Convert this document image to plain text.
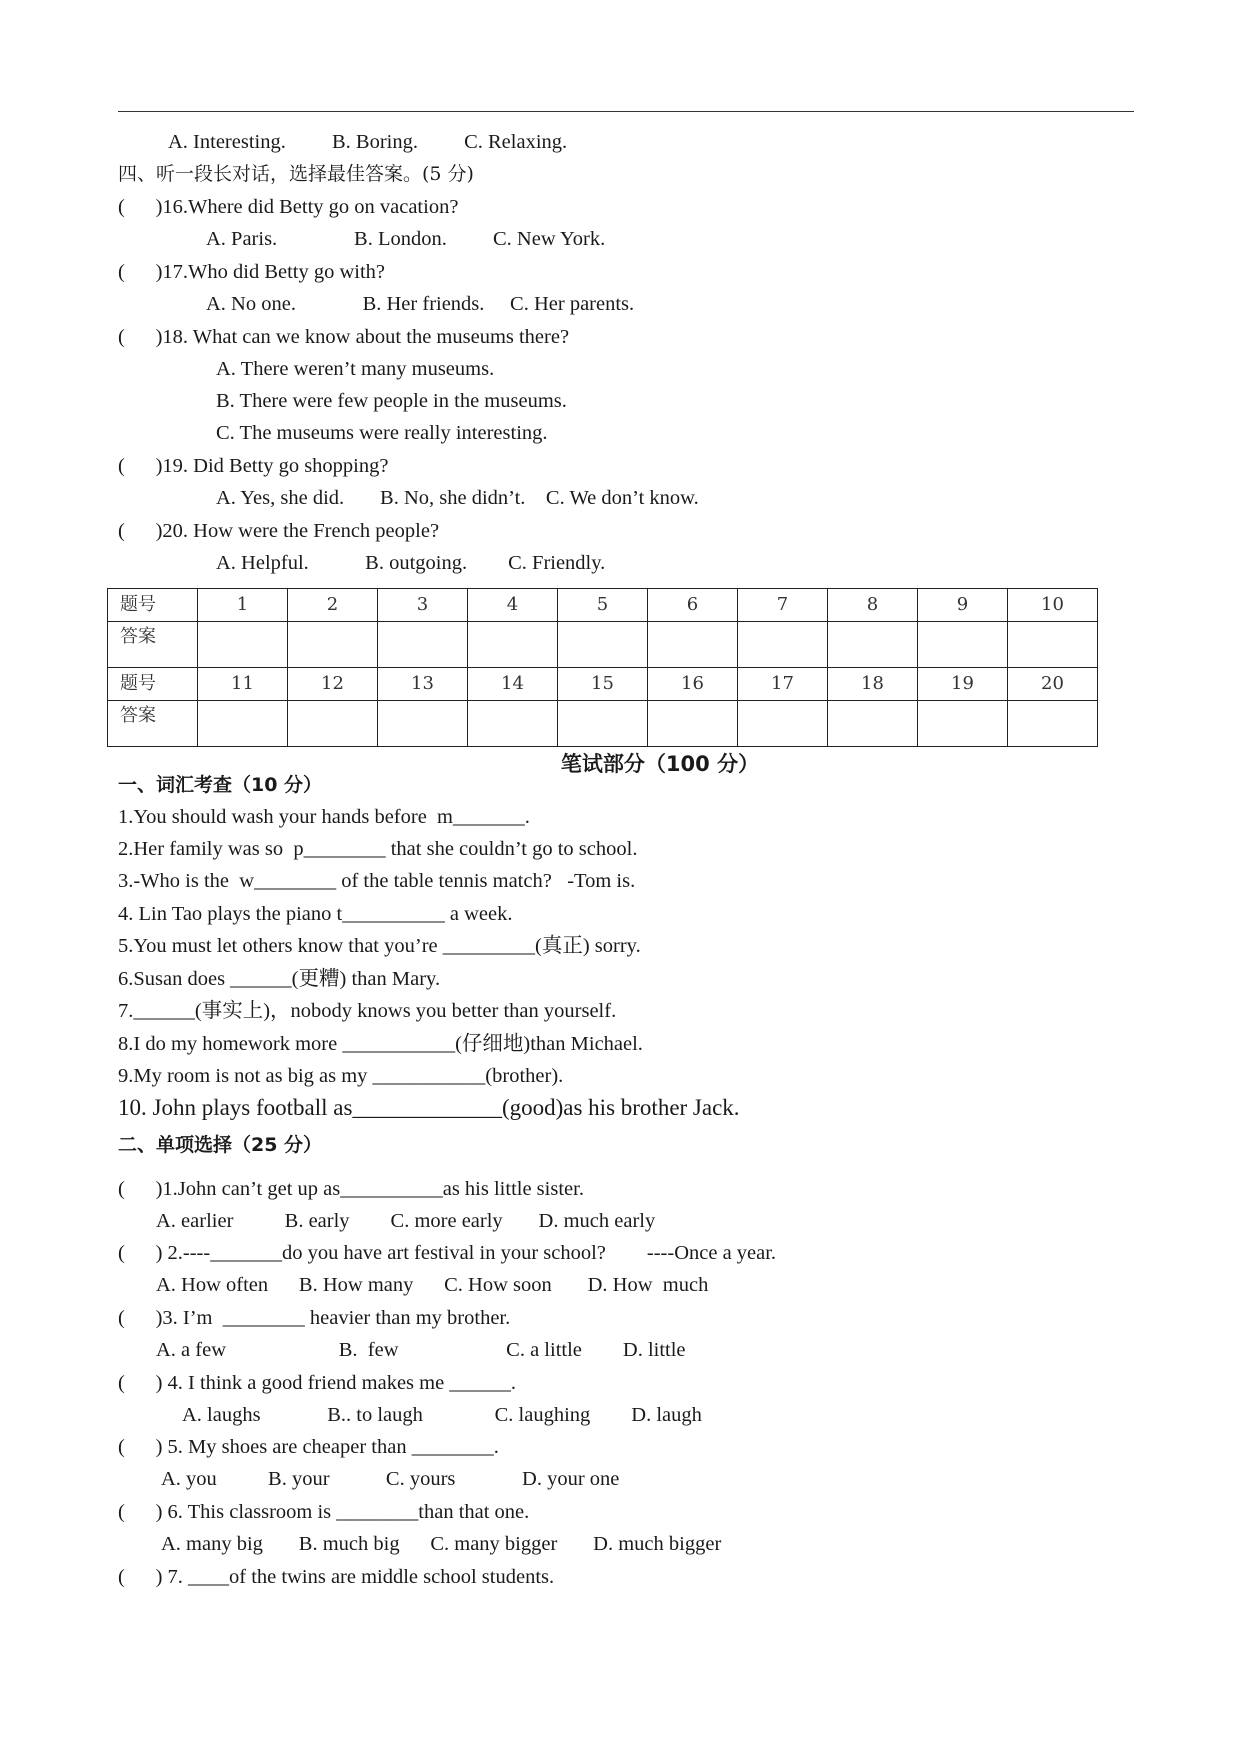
A. Interesting.         B. Boring.         C. Relaxing.
四、听一段长对话，选择最佳答案。(5 分)
(      )16.Where did Betty go on vacation?
A. Paris.               B. London.         C. New York.
(      )17.Who did Betty go with?
A. No one.             B. Her friends.     C. Her parents.
(      )18. What can we know about the museums there?
A. There weren’t many museums.
B. There were few people in the museums.
C. The museums were really interesting.
(      )19. Did Betty go shopping?
A. Yes, she did.       B. No, she didn’t.    C. We don’t know.
(      )20. How were the French people?
A. Helpful.           B. outgoing.        C. Friendly.
题号	1	2	3	4	5	6	7	8	9	10
答案										
题号	11	12	13	14	15	16	17	18	19	20
答案										
笔试部分（100 分）
一、词汇考查（10 分）
1.You should wash your hands before  m_______.
2.Her family was so  p________ that she couldn’t go to school.
3.-Who is the  w________ of the table tennis match?   -Tom is.
4. Lin Tao plays the piano t__________ a week.
5.You must let others know that you’re _________(真正) sorry.
6.Susan does ______(更糟) than Mary.
7.______(事实上)，nobody knows you better than yourself.
8.I do my homework more ___________(仔细地)than Michael.
9.My room is not as big as my ___________(brother).
10. John plays football as_____________(good)as his brother Jack.
二、单项选择（25 分）
(      )1.John can’t get up as__________as his little sister.
A. earlier          B. early        C. more early       D. much early
(      ) 2.----_______do you have art festival in your school?        ----Once a year.
A. How often      B. How many      C. How soon       D. How  much
(      )3. I’m  ________ heavier than my brother.
A. a few                      B.  few                     C. a little        D. little
(      ) 4. I think a good friend makes me ______.
A. laughs             B.. to laugh              C. laughing        D. laugh
(      ) 5. My shoes are cheaper than ________.
A. you          B. your           C. yours             D. your one
(      ) 6. This classroom is ________than that one.
A. many big       B. much big      C. many bigger       D. much bigger
(      ) 7. ____of the twins are middle school students.
